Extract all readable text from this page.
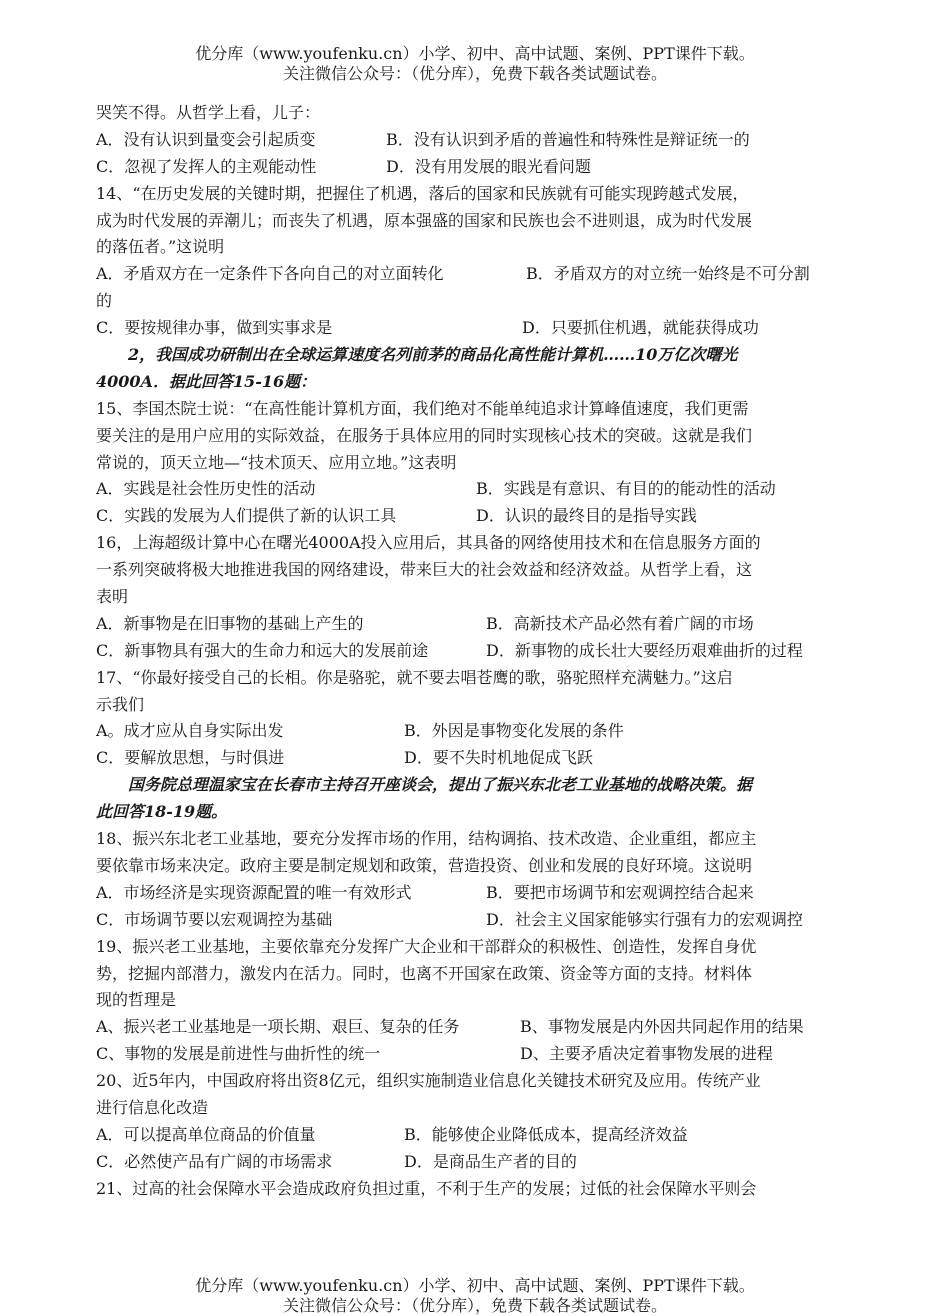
优分库（www.youfenku.cn）小学、初中、高中试题、案例、PPT课件下载。
关注微信公众号：（优分库），免费下载各类试题试卷。
哭笑不得。从哲学上看，儿子：
A．没有认识到量变会引起质变	B．没有认识到矛盾的普遍性和特殊性是辩证统一的
C．忽视了发挥人的主观能动性	D．没有用发展的眼光看问题
14、“在历史发展的关键时期，把握住了机遇，落后的国家和民族就有可能实现跨越式发展，
成为时代发展的弄潮儿；而丧失了机遇，原本强盛的国家和民族也会不进则退，成为时代发展
的落伍者。”这说明
A．矛盾双方在一定条件下各向自己的对立面转化	B．矛盾双方的对立统一始终是不可分割
的
C．要按规律办事，做到实事求是	D．只要抓住机遇，就能获得成功
2，我国成功研制出在全球运算速度名列前茅的商品化高性能计算机……10万亿次曙光
4000A．据此回答15-16题：
15、李国杰院士说：“在高性能计算机方面，我们绝对不能单纯追求计算峰值速度，我们更需
要关注的是用户应用的实际效益，在服务于具体应用的同时实现核心技术的突破。这就是我们
常说的，顶天立地—“技术顶天、应用立地。”这表明
A．实践是社会性历史性的活动	B．实践是有意识、有目的的能动性的活动
C．实践的发展为人们提供了新的认识工具	D．认识的最终目的是指导实践
16，上海超级计算中心在曙光4000A投入应用后，其具备的网络使用技术和在信息服务方面的
一系列突破将极大地推进我国的网络建设，带来巨大的社会效益和经济效益。从哲学上看，这
表明
A．新事物是在旧事物的基础上产生的	B．高新技术产品必然有着广阔的市场
C．新事物具有强大的生命力和远大的发展前途	D．新事物的成长壮大要经历艰难曲折的过程
17、“你最好接受自己的长相。你是骆驼，就不要去唱苍鹰的歌，骆驼照样充满魅力。”这启
示我们
A。成才应从自身实际出发	B．外因是事物变化发展的条件
C．要解放思想，与时俱进	D．要不失时机地促成飞跃
国务院总理温家宝在长春市主持召开座谈会，提出了振兴东北老工业基地的战略决策。据
此回答18-19题。
18、振兴东北老工业基地，要充分发挥市场的作用，结构调掐、技术改造、企业重组，都应主
要依靠市场来决定。政府主要是制定规划和政策，营造投资、创业和发展的良好环境。这说明
A．市场经济是实现资源配置的唯一有效形式	B．要把市场调节和宏观调控结合起来
C．市场调节要以宏观调控为基础	D．社会主义国家能够实行强有力的宏观调控
19、振兴老工业基地，主要依靠充分发挥广大企业和干部群众的积极性、创造性，发挥自身优
势，挖掘内部潜力，激发内在活力。同时，也离不开国家在政策、资金等方面的支持。材料体
现的哲理是
A、振兴老工业基地是一项长期、艰巨、复杂的任务	B、事物发展是内外因共同起作用的结果
C、事物的发展是前进性与曲折性的统一	D、主要矛盾决定着事物发展的进程
20、近5年内，中国政府将出资8亿元，组织实施制造业信息化关键技术研究及应用。传统产业
进行信息化改造
A．可以提高单位商品的价值量	B．能够使企业降低成本，提高经济效益
C．必然使产品有广阔的市场需求	D．是商品生产者的目的
21、过高的社会保障水平会造成政府负担过重，不利于生产的发展；过低的社会保障水平则会
优分库（www.youfenku.cn）小学、初中、高中试题、案例、PPT课件下载。
关注微信公众号：（优分库），免费下载各类试题试卷。
